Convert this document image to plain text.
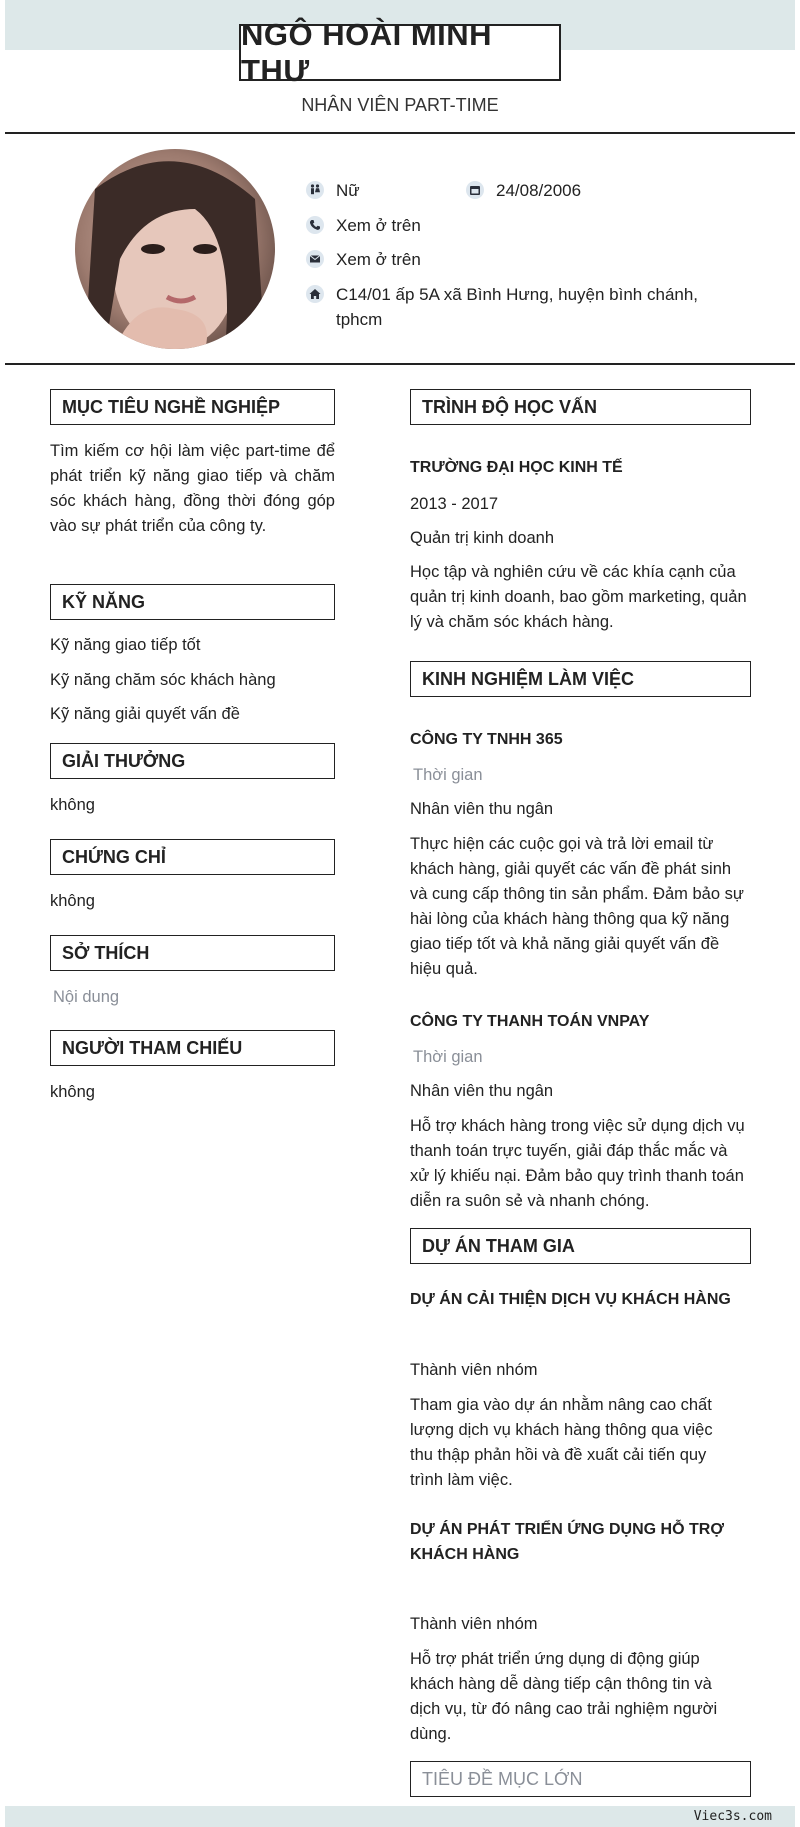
NGÔ HOÀI MINH THƯ
NHÂN VIÊN PART-TIME
Nữ	24/08/2006
Xem ở trên
Xem ở trên
C14/01 ấp 5A xã Bình Hưng, huyện bình chánh, tphcm
MỤC TIÊU NGHỀ NGHIỆP
Tìm kiếm cơ hội làm việc part-time để phát triển kỹ năng giao tiếp và chăm sóc khách hàng, đồng thời đóng góp vào sự phát triển của công ty.
KỸ NĂNG
Kỹ năng giao tiếp tốt
Kỹ năng chăm sóc khách hàng
Kỹ năng giải quyết vấn đề
GIẢI THƯỞNG
không
CHỨNG CHỈ
không
SỞ THÍCH
Nội dung
NGƯỜI THAM CHIẾU
không
TRÌNH ĐỘ HỌC VẤN
TRƯỜNG ĐẠI HỌC KINH TẾ
2013 - 2017
Quản trị kinh doanh
Học tập và nghiên cứu về các khía cạnh của quản trị kinh doanh, bao gồm marketing, quản lý và chăm sóc khách hàng.
KINH NGHIỆM LÀM VIỆC
CÔNG TY TNHH 365
Thời gian
Nhân viên thu ngân
Thực hiện các cuộc gọi và trả lời email từ khách hàng, giải quyết các vấn đề phát sinh và cung cấp thông tin sản phẩm. Đảm bảo sự hài lòng của khách hàng thông qua kỹ năng giao tiếp tốt và khả năng giải quyết vấn đề hiệu quả.
CÔNG TY THANH TOÁN VNPAY
Thời gian
Nhân viên thu ngân
Hỗ trợ khách hàng trong việc sử dụng dịch vụ thanh toán trực tuyến, giải đáp thắc mắc và xử lý khiếu nại. Đảm bảo quy trình thanh toán diễn ra suôn sẻ và nhanh chóng.
DỰ ÁN THAM GIA
DỰ ÁN CẢI THIỆN DỊCH VỤ KHÁCH HÀNG
Thành viên nhóm
Tham gia vào dự án nhằm nâng cao chất lượng dịch vụ khách hàng thông qua việc thu thập phản hồi và đề xuất cải tiến quy trình làm việc.
DỰ ÁN PHÁT TRIỂN ỨNG DỤNG HỖ TRỢ KHÁCH HÀNG
Thành viên nhóm
Hỗ trợ phát triển ứng dụng di động giúp khách hàng dễ dàng tiếp cận thông tin và dịch vụ, từ đó nâng cao trải nghiệm người dùng.
TIÊU ĐỀ MỤC LỚN
Viec3s.com
